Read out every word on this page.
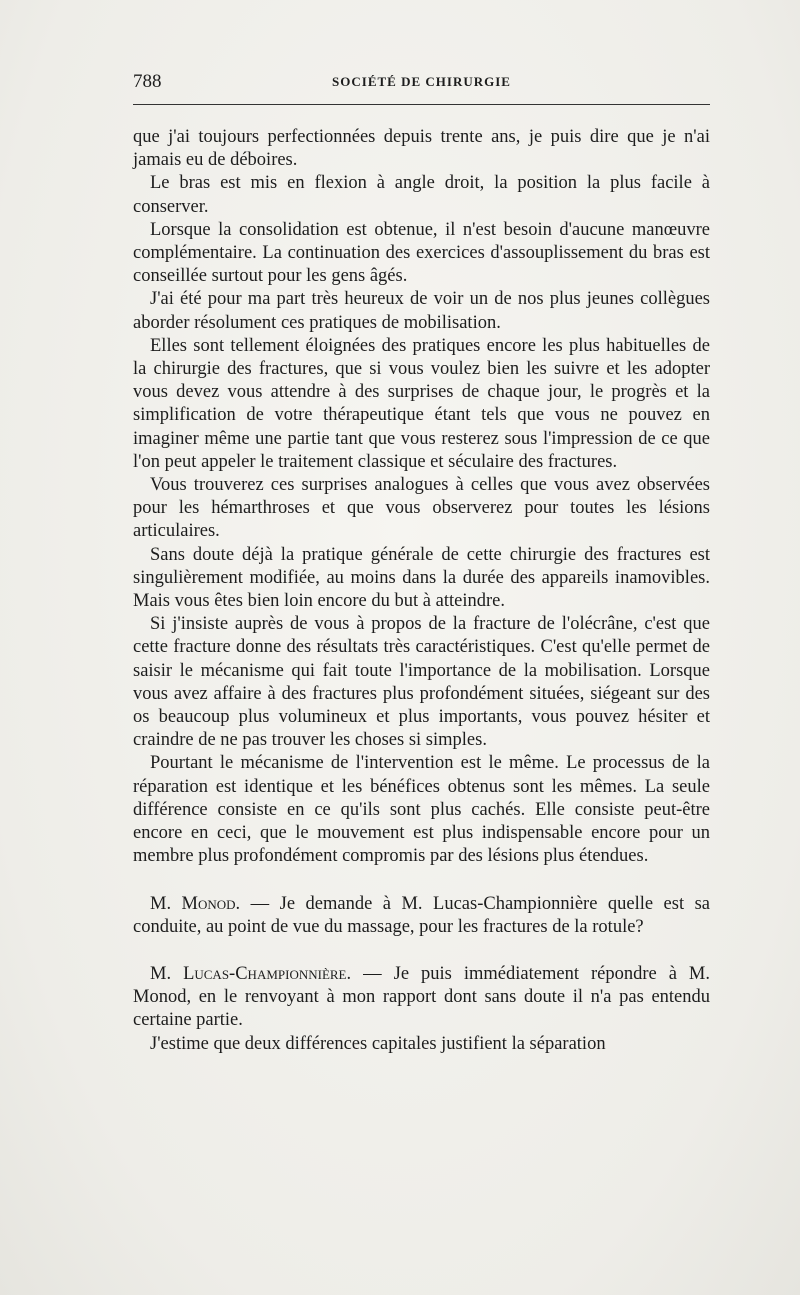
788	SOCIÉTÉ DE CHIRURGIE

que j'ai toujours perfectionnées depuis trente ans, je puis dire que je n'ai jamais eu de déboires.

Le bras est mis en flexion à angle droit, la position la plus facile à conserver.

Lorsque la consolidation est obtenue, il n'est besoin d'aucune manœuvre complémentaire. La continuation des exercices d'assouplissement du bras est conseillée surtout pour les gens âgés.

J'ai été pour ma part très heureux de voir un de nos plus jeunes collègues aborder résolument ces pratiques de mobilisation.

Elles sont tellement éloignées des pratiques encore les plus habituelles de la chirurgie des fractures, que si vous voulez bien les suivre et les adopter vous devez vous attendre à des surprises de chaque jour, le progrès et la simplification de votre thérapeutique étant tels que vous ne pouvez en imaginer même une partie tant que vous resterez sous l'impression de ce que l'on peut appeler le traitement classique et séculaire des fractures.

Vous trouverez ces surprises analogues à celles que vous avez observées pour les hémarthroses et que vous observerez pour toutes les lésions articulaires.

Sans doute déjà la pratique générale de cette chirurgie des fractures est singulièrement modifiée, au moins dans la durée des appareils inamovibles. Mais vous êtes bien loin encore du but à atteindre.

Si j'insiste auprès de vous à propos de la fracture de l'olécrâne, c'est que cette fracture donne des résultats très caractéristiques. C'est qu'elle permet de saisir le mécanisme qui fait toute l'importance de la mobilisation. Lorsque vous avez affaire à des fractures plus profondément situées, siégeant sur des os beaucoup plus volumineux et plus importants, vous pouvez hésiter et craindre de ne pas trouver les choses si simples.

Pourtant le mécanisme de l'intervention est le même. Le processus de la réparation est identique et les bénéfices obtenus sont les mêmes. La seule différence consiste en ce qu'ils sont plus cachés. Elle consiste peut-être encore en ceci, que le mouvement est plus indispensable encore pour un membre plus profondément compromis par des lésions plus étendues.

M. Monod. — Je demande à M. Lucas-Championnière quelle est sa conduite, au point de vue du massage, pour les fractures de la rotule?

M. Lucas-Championnière. — Je puis immédiatement répondre à M. Monod, en le renvoyant à mon rapport dont sans doute il n'a pas entendu certaine partie.

J'estime que deux différences capitales justifient la séparation
